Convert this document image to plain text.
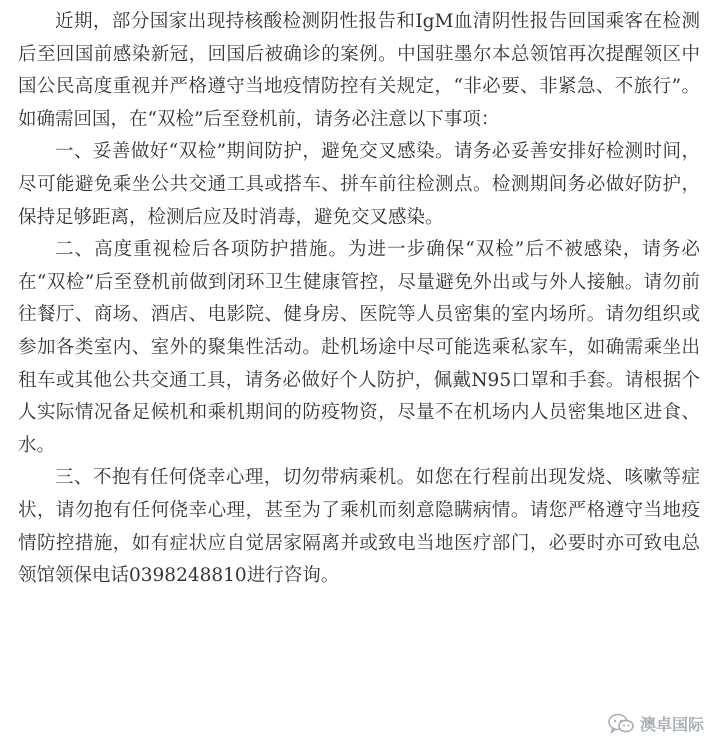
近期，部分国家出现持核酸检测阴性报告和IgM血清阴性报告回国乘客在检测后至回国前感染新冠，回国后被确诊的案例。中国驻墨尔本总领馆再次提醒领区中国公民高度重视并严格遵守当地疫情防控有关规定，“非必要、非紧急、不旅行”。如确需回国，在“双检”后至登机前，请务必注意以下事项：

一、妥善做好“双检”期间防护，避免交叉感染。请务必妥善安排好检测时间，尽可能避免乘坐公共交通工具或搭车、拼车前往检测点。检测期间务必做好防护，保持足够距离，检测后应及时消毒，避免交叉感染。

二、高度重视检后各项防护措施。为进一步确保“双检”后不被感染，请务必在“双检”后至登机前做到闭环卫生健康管控，尽量避免外出或与外人接触。请勿前往餐厅、商场、酒店、电影院、健身房、医院等人员密集的室内场所。请勿组织或参加各类室内、室外的聚集性活动。赴机场途中尽可能选乘私家车，如确需乘坐出租车或其他公共交通工具，请务必做好个人防护，佩戴N95口罩和手套。请根据个人实际情况备足候机和乘机期间的防疫物资，尽量不在机场内人员密集地区进食、水。

三、不抱有任何侥幸心理，切勿带病乘机。如您在行程前出现发烧、咳嗽等症状，请勿抱有任何侥幸心理，甚至为了乘机而刻意隐瞒病情。请您严格遵守当地疫情防控措施，如有症状应自觉居家隔离并或致电当地医疗部门，必要时亦可致电总领馆领保电话0398248810进行咨询。

澳卓国际
